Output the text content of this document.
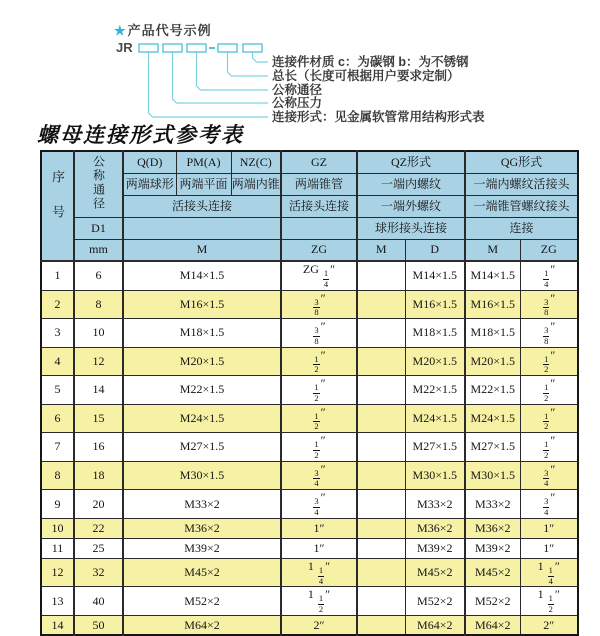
★产品代号示例
JR
连接件材质 c：为碳钢 b：为不锈钢
总长（长度可根据用户要求定制）
公称通径
公称压力
连接形式：见金属软管常用结构形式表
螺母连接形式参考表
序号	公称通径	Q(D)	PM(A)	NZ(C)	GZ	QZ形式		QG形式	
		两端球形	两端平面	两端内锥	两端锥管	一端内螺纹		一端内螺纹活接头	
		活接头连接			活接头连接	一端外螺纹		一端锥管螺纹接头	
	D1					球形接头连接		连接	
	mm	M			ZG	M	D	M	ZG
1	6	M14×1.5			ZG $\frac{1}{4}$ ″		M14×1.5	M14×1.5	$\frac{1}{4}$ ″
2	8	M16×1.5			$\frac{3}{8}$ ″		M16×1.5	M16×1.5	$\frac{3}{8}$ ″
3	10	M18×1.5			$\frac{3}{8}$ ″		M18×1.5	M18×1.5	$\frac{3}{8}$ ″
4	12	M20×1.5			$\frac{1}{2}$ ″		M20×1.5	M20×1.5	$\frac{1}{2}$ ″
5	14	M22×1.5			$\frac{1}{2}$ ″		M22×1.5	M22×1.5	$\frac{1}{2}$ ″
6	15	M24×1.5			$\frac{1}{2}$ ″		M24×1.5	M24×1.5	$\frac{1}{2}$ ″
7	16	M27×1.5			$\frac{1}{2}$ ″		M27×1.5	M27×1.5	$\frac{1}{2}$ ″
8	18	M30×1.5			$\frac{3}{4}$ ″		M30×1.5	M30×1.5	$\frac{3}{4}$ ″
9	20	M33×2			$\frac{3}{4}$ ″		M33×2	M33×2	$\frac{3}{4}$ ″
10	22	M36×2			1″		M36×2	M36×2	1″
11	25	M39×2			1″		M39×2	M39×2	1″
12	32	M45×2			$1 \frac{1}{4}$ ″		M45×2	M45×2	$1 \frac{1}{4}$ ″
13	40	M52×2			$1 \frac{1}{2}$ ″		M52×2	M52×2	$1 \frac{1}{2}$ ″
14	50	M64×2			2″		M64×2	M64×2	2″
